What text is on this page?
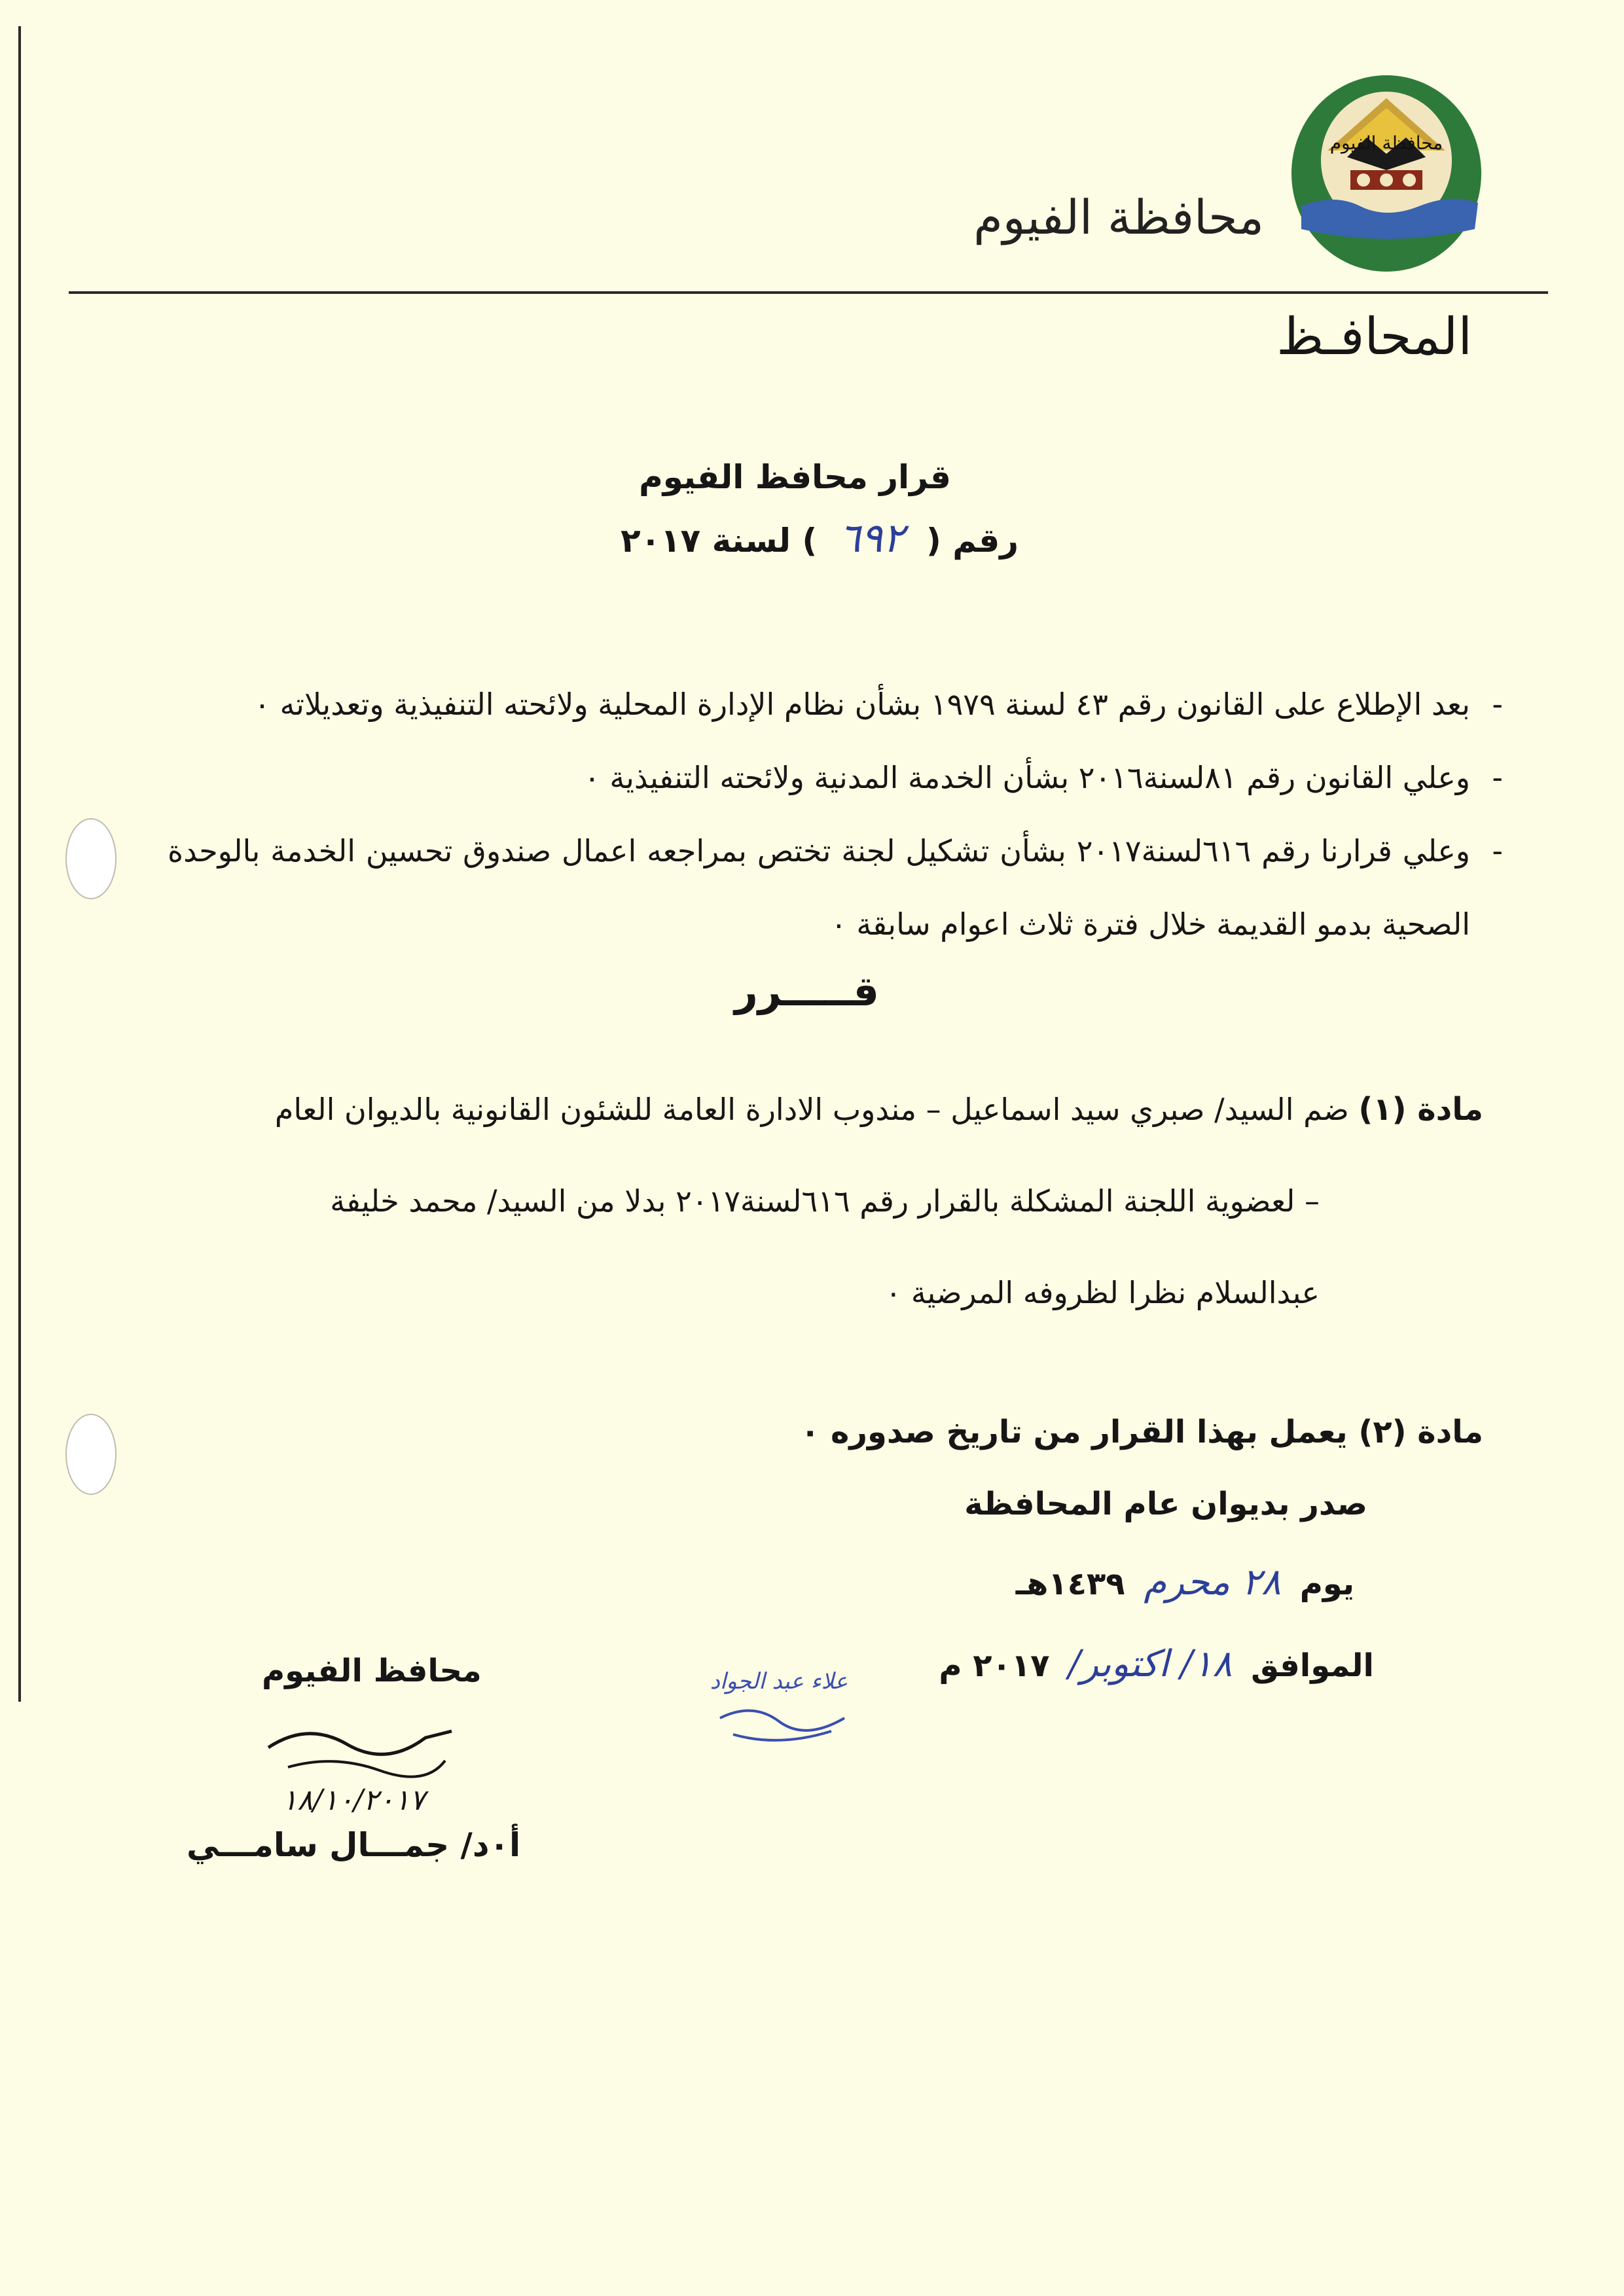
محافظة الفيوم
محافظة الفيوم
المحافـظ
قرار محافظ الفيوم
رقم ( ٦٩٢ ) لسنة ٢٠١٧
-
بعد الإطلاع على القانون رقم ٤٣ لسنة ١٩٧٩ بشأن نظام الإدارة المحلية ولائحته التنفيذية وتعديلاته ٠
-
وعلي القانون رقم ٨١لسنة٢٠١٦ بشأن الخدمة المدنية ولائحته التنفيذية ٠
-
وعلي قرارنا رقم ٦١٦لسنة٢٠١٧ بشأن تشكيل لجنة تختص بمراجعه اعمال صندوق تحسين الخدمة بالوحدة الصحية بدمو القديمة خلال فترة ثلاث اعوام سابقة ٠
قـــــرر
مادة (١) ضم السيد/ صبري سيد اسماعيل – مندوب الادارة العامة للشئون القانونية بالديوان العام
– لعضوية اللجنة المشكلة بالقرار رقم ٦١٦لسنة٢٠١٧ بدلا من السيد/ محمد خليفة
عبدالسلام نظرا لظروفه المرضية ٠
مادة (٢) يعمل بهذا القرار من تاريخ صدوره ٠
صدر بديوان عام المحافظة
يوم ٢٨ محرم ١٤٣٩هـ
الموافق ١٨/ اكتوبر/ ٢٠١٧ م
علاء عبد الجواد
محافظ الفيوم
١٨/١٠/٢٠١٧
أ٠د/ جمـــال سامـــي
